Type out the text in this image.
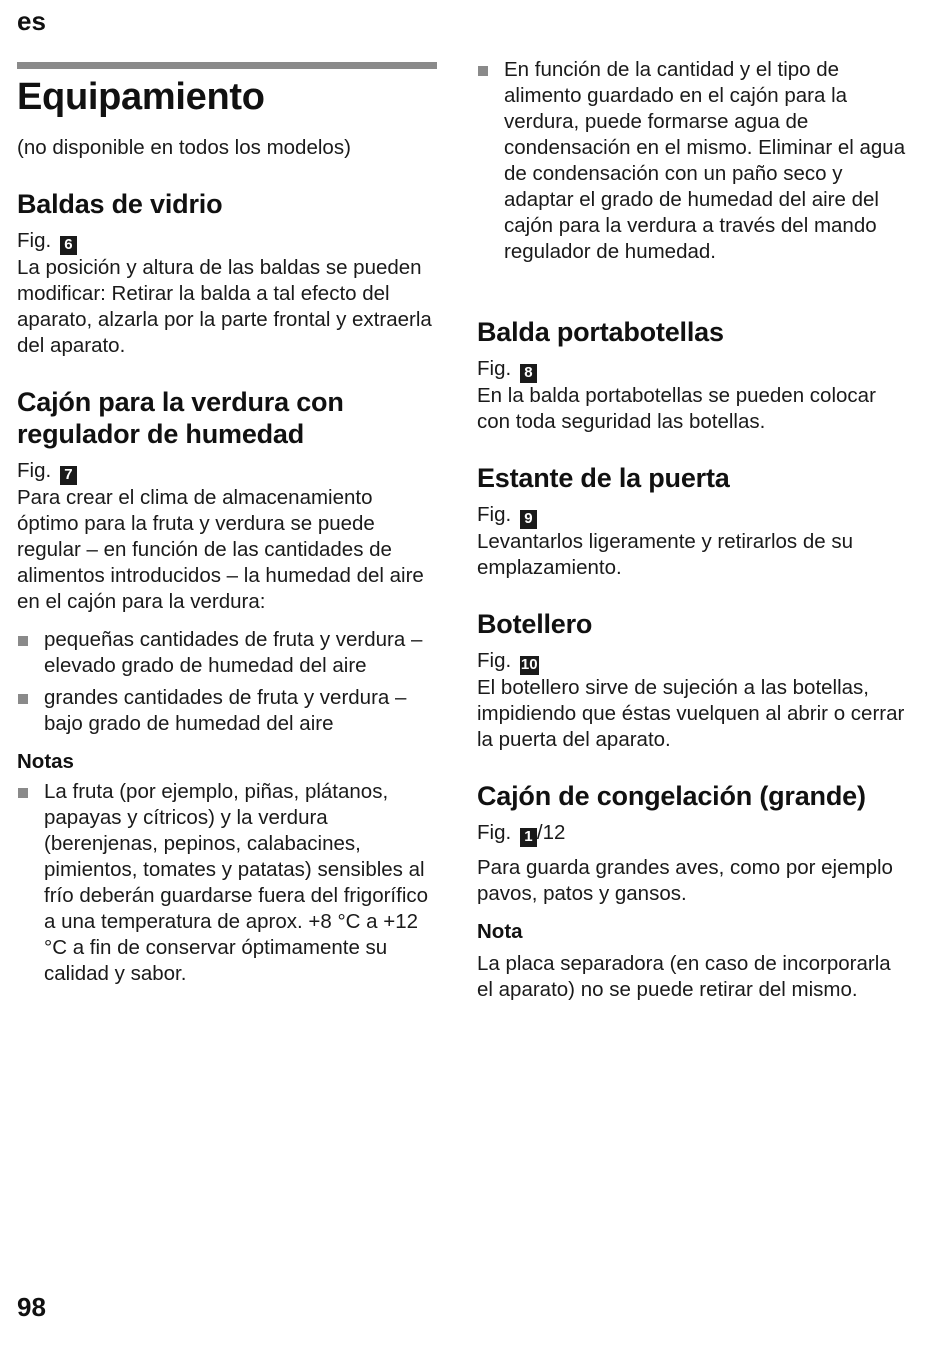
es
Equipamiento

(no disponible en todos los modelos)

Baldas de vidrio
Fig. 6

La posición y altura de las baldas se pueden modificar: Retirar la balda a tal efecto del aparato, alzarla por la parte frontal y extraerla del aparato.

Cajón para la verdura con regulador de humedad
Fig. 7

Para crear el clima de almacenamiento óptimo para la fruta y verdura se puede regular – en función de las cantidades de alimentos introducidos – la humedad del aire en el cajón para la verdura:

pequeñas cantidades de fruta y verdura – elevado grado de humedad del aire
grandes cantidades de fruta y verdura – bajo grado de humedad del aire
Notas
La fruta (por ejemplo, piñas, plátanos, papayas y cítricos) y la verdura (berenjenas, pepinos, calabacines, pimientos, tomates y patatas) sensibles al frío deberán guardarse fuera del frigorífico a una temperatura de aprox. +8 °C a +12 °C a fin de conservar óptimamente su calidad y sabor.
En función de la cantidad y el tipo de alimento guardado en el cajón para la verdura, puede formarse agua de condensación en el mismo. Eliminar el agua de condensación con un paño seco y adaptar el grado de humedad del aire del cajón para la verdura a través del mando regulador de humedad.
Balda portabotellas
Fig. 8

En la balda portabotellas se pueden colocar con toda seguridad las botellas.

Estante de la puerta
Fig. 9

Levantarlos ligeramente y retirarlos de su emplazamiento.

Botellero
Fig. 10

El botellero sirve de sujeción a las botellas, impidiendo que éstas vuelquen al abrir o cerrar la puerta del aparato.

Cajón de congelación (grande)
Fig. 1 /12

Para guarda grandes aves, como por ejemplo pavos, patos y gansos.

Nota

La placa separadora (en caso de incorporarla el aparato) no se puede retirar del mismo.

98
